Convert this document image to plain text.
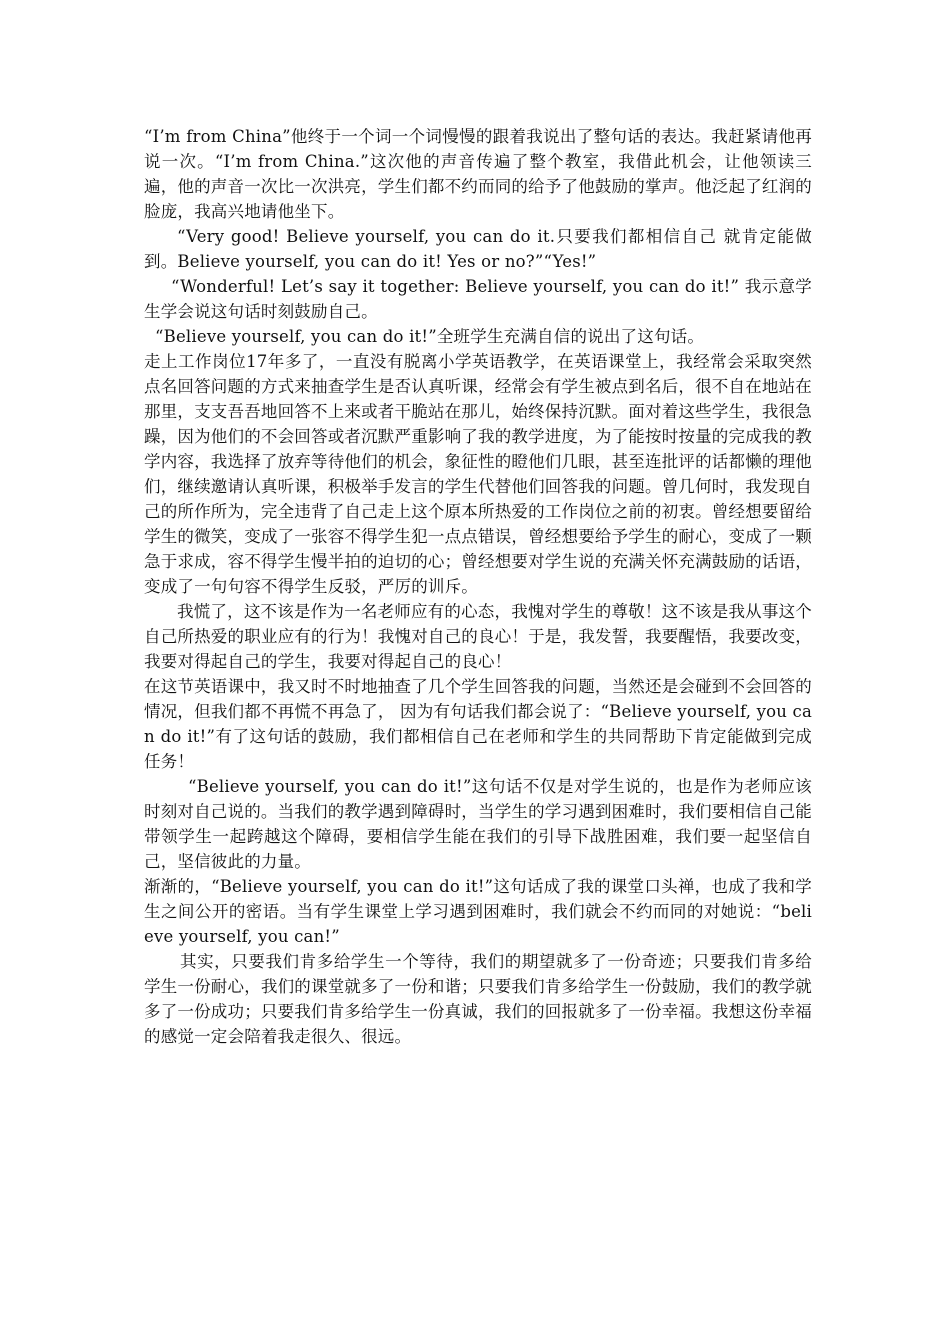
“I’m from China”他终于一个词一个词慢慢的跟着我说出了整句话的表达。我赶紧请他再说一次。“I’m from China.”这次他的声音传遍了整个教室，我借此机会，让他领读三遍，他的声音一次比一次洪亮，学生们都不约而同的给予了他鼓励的掌声。他泛起了红润的脸庞，我高兴地请他坐下。

“Very good! Believe yourself, you can do it.只要我们都相信自己 就肯定能做到。Believe yourself, you can do it! Yes or no?”“Yes!”

“Wonderful! Let’s say it together: Believe yourself, you can do it!” 我示意学生学会说这句话时刻鼓励自己。

“Believe yourself, you can do it!”全班学生充满自信的说出了这句话。

走上工作岗位17年多了，一直没有脱离小学英语教学，在英语课堂上，我经常会采取突然点名回答问题的方式来抽查学生是否认真听课，经常会有学生被点到名后，很不自在地站在那里，支支吾吾地回答不上来或者干脆站在那儿，始终保持沉默。面对着这些学生，我很急躁，因为他们的不会回答或者沉默严重影响了我的教学进度，为了能按时按量的完成我的教学内容，我选择了放弃等待他们的机会，象征性的瞪他们几眼，甚至连批评的话都懒的理他们，继续邀请认真听课，积极举手发言的学生代替他们回答我的问题。曾几何时，我发现自己的所作所为，完全违背了自己走上这个原本所热爱的工作岗位之前的初衷。曾经想要留给学生的微笑，变成了一张容不得学生犯一点点错误，曾经想要给予学生的耐心，变成了一颗急于求成，容不得学生慢半拍的迫切的心；曾经想要对学生说的充满关怀充满鼓励的话语，变成了一句句容不得学生反驳，严厉的训斥。

我慌了，这不该是作为一名老师应有的心态，我愧对学生的尊敬！这不该是我从事这个自己所热爱的职业应有的行为！我愧对自己的良心！于是，我发誓，我要醒悟，我要改变，我要对得起自己的学生，我要对得起自己的良心！

在这节英语课中，我又时不时地抽查了几个学生回答我的问题，当然还是会碰到不会回答的情况，但我们都不再慌不再急了， 因为有句话我们都会说了：“Believe yourself, you can do it!”有了这句话的鼓励，我们都相信自己在老师和学生的共同帮助下肯定能做到完成任务！

“Believe yourself, you can do it!”这句话不仅是对学生说的，也是作为老师应该时刻对自己说的。当我们的教学遇到障碍时，当学生的学习遇到困难时，我们要相信自己能带领学生一起跨越这个障碍，要相信学生能在我们的引导下战胜困难，我们要一起坚信自己，坚信彼此的力量。

渐渐的，“Believe yourself, you can do it!”这句话成了我的课堂口头禅，也成了我和学生之间公开的密语。当有学生课堂上学习遇到困难时，我们就会不约而同的对她说：“believe yourself, you can!”

其实，只要我们肯多给学生一个等待，我们的期望就多了一份奇迹；只要我们肯多给学生一份耐心，我们的课堂就多了一份和谐；只要我们肯多给学生一份鼓励，我们的教学就多了一份成功；只要我们肯多给学生一份真诚，我们的回报就多了一份幸福。我想这份幸福的感觉一定会陪着我走很久、很远。
